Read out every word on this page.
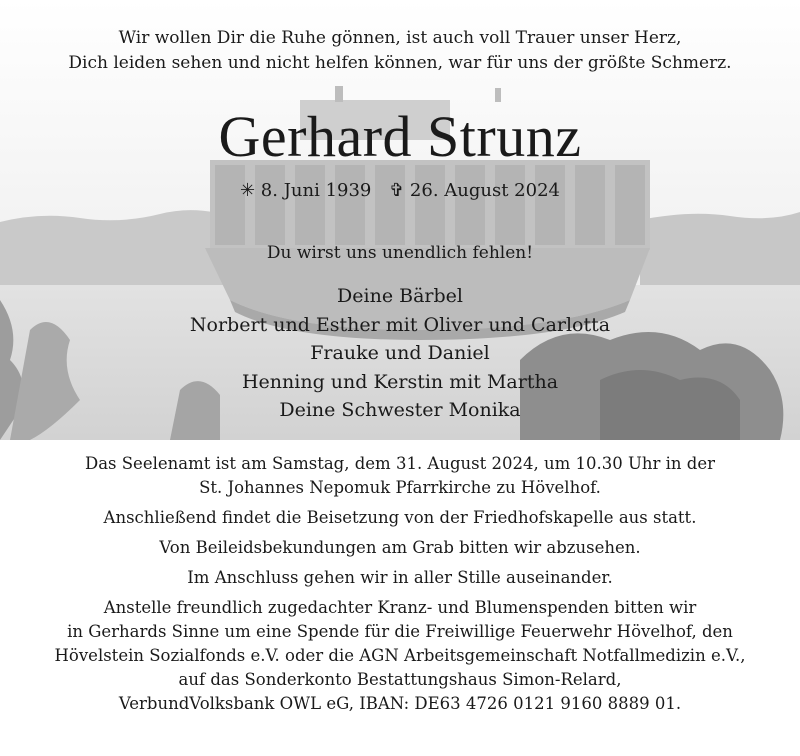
Wir wollen Dir die Ruhe gönnen, ist auch voll Trauer unser Herz,
Dich leiden sehen und nicht helfen können, war für uns der größte Schmerz.
Gerhard Strunz
✳ 8. Juni 1939 ✞ 26. August 2024
Du wirst uns unendlich fehlen!
Deine Bärbel
Norbert und Esther mit Oliver und Carlotta
Frauke und Daniel
Henning und Kerstin mit Martha
Deine Schwester Monika

Das Seelenamt ist am Samstag, dem 31. August 2024, um 10.30 Uhr in der
St. Johannes Nepomuk Pfarrkirche zu Hövelhof.

Anschließend findet die Beisetzung von der Friedhofskapelle aus statt.

Von Beileidsbekundungen am Grab bitten wir abzusehen.

Im Anschluss gehen wir in aller Stille auseinander.

Anstelle freundlich zugedachter Kranz- und Blumenspenden bitten wir
in Gerhards Sinne um eine Spende für die Freiwillige Feuerwehr Hövelhof, den
Hövelstein Sozialfonds e.V. oder die AGN Arbeitsgemeinschaft Notfallmedizin e.V.,
auf das Sonderkonto Bestattungshaus Simon-Relard,
VerbundVolksbank OWL eG, IBAN: DE63 4726 0121 9160 8889 01.
